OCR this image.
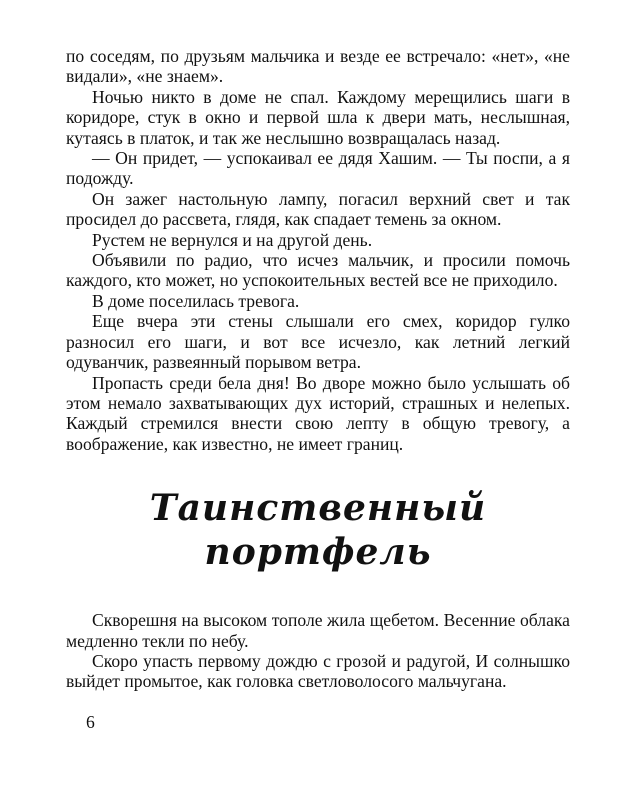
по соседям, по друзьям мальчика и везде ее встречало: «нет», «не видали», «не знаем».

Ночью никто в доме не спал. Каждому мерещились шаги в коридоре, стук в окно и первой шла к двери мать, неслышная, кутаясь в платок, и так же неслышно возвращалась назад.

— Он придет, — успокаивал ее дядя Хашим. — Ты поспи, а я подожду.

Он зажег настольную лампу, погасил верхний свет и так просидел до рассвета, глядя, как спадает темень за окном.

Рустем не вернулся и на другой день.

Объявили по радио, что исчез мальчик, и просили помочь каждого, кто может, но успокоительных вестей все не приходило.

В доме поселилась тревога.

Еще вчера эти стены слышали его смех, коридор гулко разносил его шаги, и вот все исчезло, как летний легкий одуванчик, развеянный порывом ветра.

Пропасть среди бела дня! Во дворе можно было услышать об этом немало захватывающих дух историй, страшных и нелепых. Каждый стремился внести свою лепту в общую тревогу, а воображение, как известно, не имеет границ.

Таинственный портфель

Скворешня на высоком тополе жила щебетом. Весенние облака медленно текли по небу.

Скоро упасть первому дождю с грозой и радугой, И солнышко выйдет промытое, как головка светловолосого мальчугана.

6
